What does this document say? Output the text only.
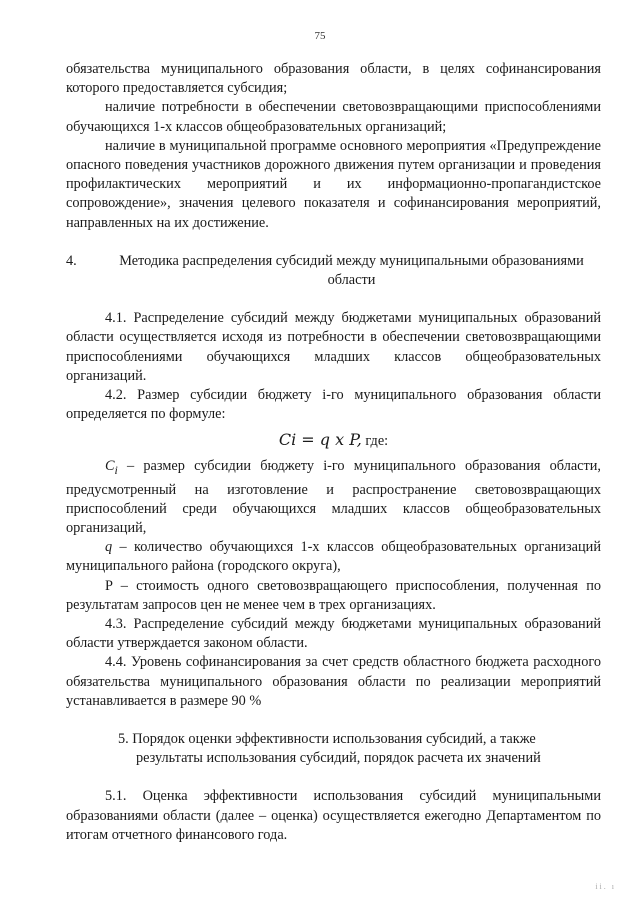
75

обязательства муниципального образования области, в целях софинансирования которого предоставляется субсидия;

наличие потребности в обеспечении световозвращающими приспособлениями обучающихся 1-х классов общеобразовательных организаций;

наличие в муниципальной программе основного мероприятия «Предупреждение опасного поведения участников дорожного движения путем организации и проведения профилактических мероприятий и их информационно-пропагандистское сопровождение», значения целевого показателя и софинансирования мероприятий, направленных на их достижение.

4.	Методика распределения субсидий между муниципальными образованиями области

4.1. Распределение субсидий между бюджетами муниципальных образований области осуществляется исходя из потребности в обеспечении световозвращающими приспособлениями обучающихся младших классов общеобразовательных организаций.

4.2. Размер субсидии бюджету i-го муниципального образования области определяется по формуле:

Ci = q x P, где:

$C_i$ – размер субсидии бюджету i-го муниципального образования области, предусмотренный на изготовление и распространение световозвращающих приспособлений среди обучающихся младших классов общеобразовательных организаций,

q – количество обучающихся 1-х классов общеобразовательных организаций муниципального района (городского округа),

P – стоимость одного световозвращающего приспособления, полученная по результатам запросов цен не менее чем в трех организациях.

4.3. Распределение субсидий между бюджетами муниципальных образований области утверждается законом области.

4.4. Уровень софинансирования за счет средств областного бюджета расходного обязательства муниципального образования области по реализации мероприятий устанавливается в размере 90 %

5. Порядок оценки эффективности использования субсидий, а также
результаты использования субсидий, порядок расчета их значений

5.1. Оценка эффективности использования субсидий муниципальными образованиями области (далее – оценка) осуществляется ежегодно Департаментом по итогам отчетного финансового года.

ii. ı
